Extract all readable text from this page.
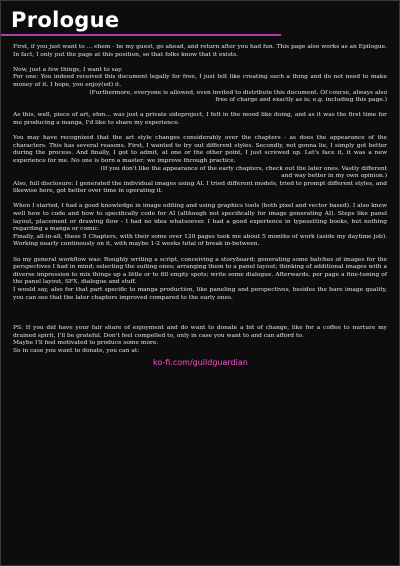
Prologue

First, if you just want to ... ehem - be my guest, go ahead, and return after you had fun. This page also works as an Epilogue. In fact, I only put the page at this position, so that folks know that it exists.

Now, just a few things, I want to say.

For one: You indeed received this document legally for free, I just felt like creating such a thing and do not need to make money of it. I hope, you enjoy(ed) it.

(Furthermore, everyone is allowed, even invited to distribute this document. Of course, always also free of charge and exactly as is; e.g. including this page.)

As this, well, piece of art, ehm... was just a private sideproject, I felt in the mood like doing, and as it was the first time for me producing a manga, I'd like to share my experience.

You may have recognized that the art style changes considerably over the chapters - as does the appearance of the characters. This has several reasons. First, I wanted to try out different styles. Secondly, not gonna lie, I simply got better during the process. And finally, I got to admit, at one or the other point, I just screwed up. Let's face it, it was a new experience for me. No one is born a master; we improve through practice.

(If you don't like the appearance of the early chapters, check out the later ones. Vastly different and way better in my own opinion.)

Also, full disclosure: I generated the individual images using AI. I tried different models, tried to prompt different styles, and likewise here, got better over time in operating it.

When I started, I had a good knowledge in image editing and using graphics tools (both pixel and vector based). I also knew well how to code and how to specifically code for AI (although not specifically for image generating AI). Steps like panel layout, placement or drawing flow - I had no idea whatsoever. I had a good experience in typesetting books, but nothing regarding a manga or comic.

Finally, all-in-all, these 5 Chapters, with their some over 120 pages took me about 5 months of work (aside my daytime job). Working nearly continously on it, with maybe 1-2 weeks total of break in-between.

So my general workflow was: Roughly writing a script, conceiving a storyboard; generating some batches of images for the perspectives I had in mind; selecting the suiting ones; arranging them to a panel layout; thinking of additional images with a diverse impression to mix things up a little or to fill empty spots; write some dialogue. Afterwards, per page a fine-tuning of the panel layout, SFX, dialogue and stuff.

I would say, also for that part specific to manga production, like paneling and perspectives, besides the bare image quality, you can see that the later chapters improved compared to the early ones.

PS: If you did have your fair share of enjoyment and do want to donate a bit of change, like for a coffee to nurture my drained spirit, I'll be grateful. Don't feel compelled to, only in case you want to and can afford to.

Maybe I'll feel motivated to produce some more.

So in case you want to donate, you can at:

ko-fi.com/guildguardian
